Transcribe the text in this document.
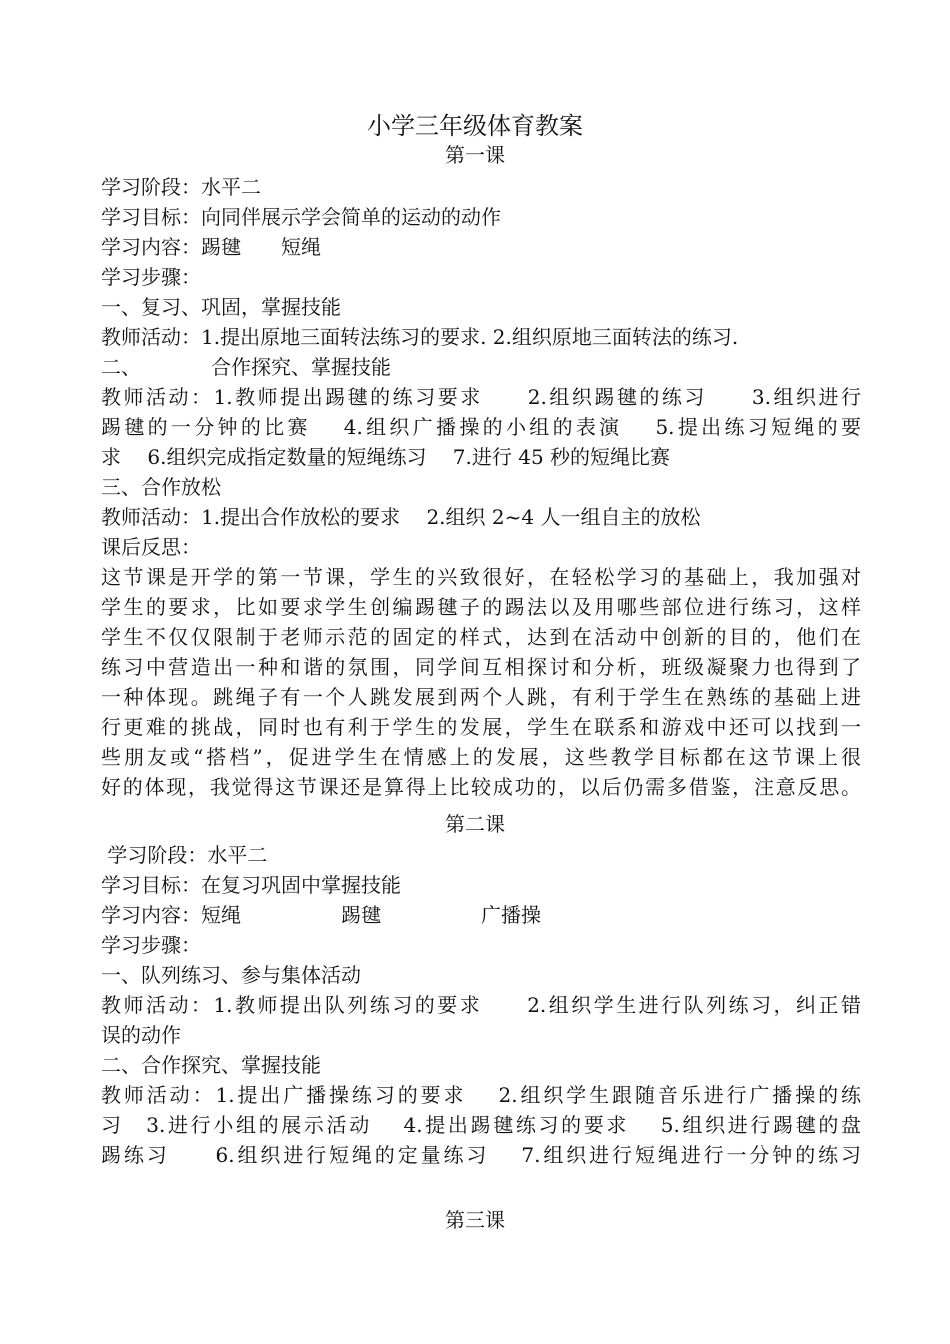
小学三年级体育教案
第一课

学习阶段：水平二

学习目标：向同伴展示学会简单的运动的动作

学习内容：踢毽　　短绳

学习步骤：

一、复习、巩固，掌握技能

教师活动：1.提出原地三面转法练习的要求. 2.组织原地三面转法的练习.

二、　　　　合作探究、掌握技能

教师活动：1.教师提出踢毽的练习要求　　2.组织踢毽的练习　　3.组织进行

踢毽的一分钟的比赛　 4.组织广播操的小组的表演　 5.提出练习短绳的要

求　 6.组织完成指定数量的短绳练习　 7.进行 45 秒的短绳比赛

三、合作放松

教师活动：1.提出合作放松的要求　 2.组织 2~4 人一组自主的放松

课后反思：

这节课是开学的第一节课，学生的兴致很好，在轻松学习的基础上，我加强对

学生的要求，比如要求学生创编踢毽子的踢法以及用哪些部位进行练习，这样

学生不仅仅限制于老师示范的固定的样式，达到在活动中创新的目的，他们在

练习中营造出一种和谐的氛围，同学间互相探讨和分析，班级凝聚力也得到了

一种体现。跳绳子有一个人跳发展到两个人跳，有利于学生在熟练的基础上进

行更难的挑战，同时也有利于学生的发展，学生在联系和游戏中还可以找到一

些朋友或“搭档”，促进学生在情感上的发展，这些教学目标都在这节课上很

好的体现，我觉得这节课还是算得上比较成功的，以后仍需多借鉴，注意反思。

第二课

学习阶段：水平二

学习目标：在复习巩固中掌握技能

学习内容：短绳　　　　　踢毽　　　　　广播操

学习步骤：

一、队列练习、参与集体活动

教师活动：1.教师提出队列练习的要求　　2.组织学生进行队列练习，纠正错

误的动作

二、合作探究、掌握技能

教师活动：1.提出广播操练习的要求　 2.组织学生跟随音乐进行广播操的练

习　3.进行小组的展示活动　 4.提出踢毽练习的要求　 5.组织进行踢毽的盘

踢练习　　6.组织进行短绳的定量练习　 7.组织进行短绳进行一分钟的练习

第三课
